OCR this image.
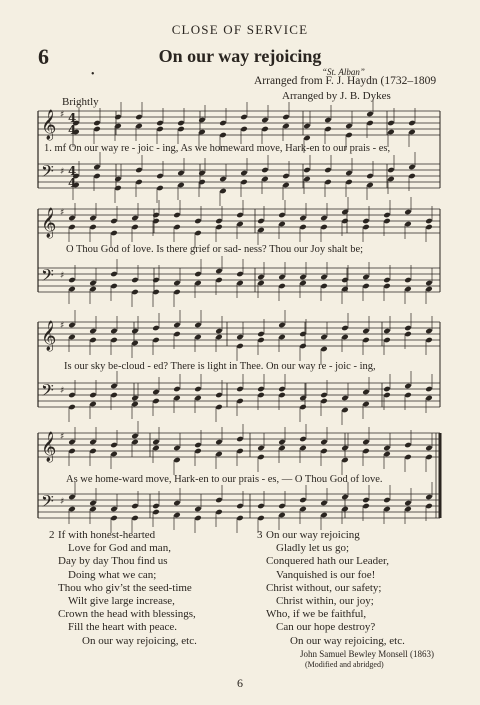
CLOSE OF SERVICE
6	On our way rejoicing
•	“St. Alban”
Arranged from F. J. Haydn (1732–1809
Arranged by J. B. Dykes
Brightly
𝄞 ♯
𝄢 ♯
𝄞 ♯
𝄢 ♯
𝄞 ♯
𝄢 ♯
𝄞 ♯
𝄢 ♯
4
4
4
4
1. mf On our way re - joic - ing, As we homeward move, Hark-en to our prais - es,
O Thou God of love. Is there grief or sad- ness? Thou our Joy shalt be;
Is our sky be-cloud - ed? There is light in Thee. On our way re - joic - ing,
As we home-ward move, Hark-en to our prais - es, — O Thou God of love.
2 If with honest-hearted
Love for God and man,
Day by day Thou find us
Doing what we can;
Thou who giv’st the seed-time
Wilt give large increase,
Crown the head with blessings,
Fill the heart with peace.
On our way rejoicing, etc.
3 On our way rejoicing
Gladly let us go;
Conquered hath our Leader,
Vanquished is our foe!
Christ without, our safety;
Christ within, our joy;
Who, if we be faithful,
Can our hope destroy?
On our way rejoicing, etc.
John Samuel Bewley Monsell (1863)
(Modified and abridged)
6
